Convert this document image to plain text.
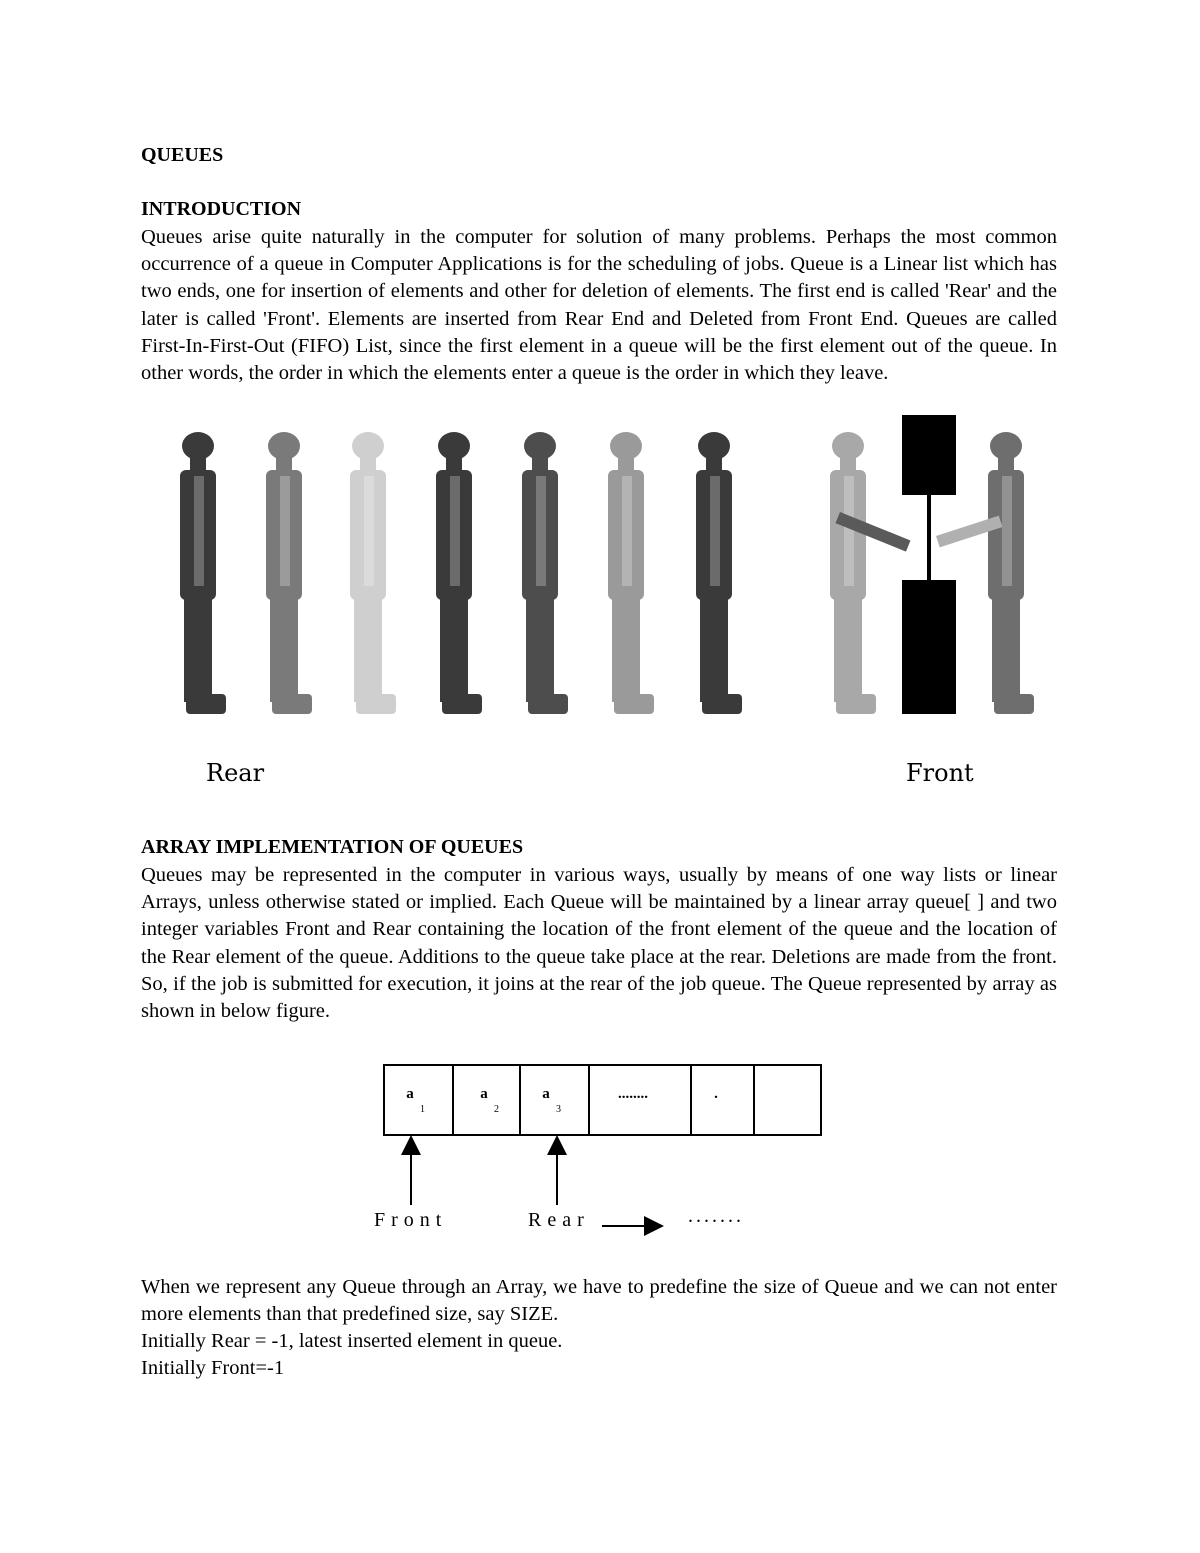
QUEUES

INTRODUCTION

Queues arise quite naturally in the computer for solution of many problems. Perhaps the most common occurrence of a queue in Computer Applications is for the scheduling of jobs. Queue is a Linear list which has two ends, one for insertion of elements and other for deletion of elements. The first end is called 'Rear' and the later is called 'Front'. Elements are inserted from Rear End and Deleted from Front End. Queues are called First-In-First-Out (FIFO) List, since the first element in a queue will be the first element out of the queue. In other words, the order in which the elements enter a queue is the order in which they leave.

Rear	Front

ARRAY IMPLEMENTATION OF QUEUES

Queues may be represented in the computer in various ways, usually by means of one way lists or linear Arrays, unless otherwise stated or implied. Each Queue will be maintained by a linear array queue[ ] and two integer variables Front and Rear containing the location of the front element of the queue and the location of the Rear element of the queue. Additions to the queue take place at the rear. Deletions are made from the front. So, if the job is submitted for execution, it joins at the rear of the job queue. The Queue represented by array as shown in below figure.

a
1
a
2
a
3
........	.
Front	Rear	.......

When we represent any Queue through an Array, we have to predefine the size of Queue and we can not enter more elements than that predefined size, say SIZE.

Initially Rear = -1, latest inserted element in queue.

Initially Front=-1
